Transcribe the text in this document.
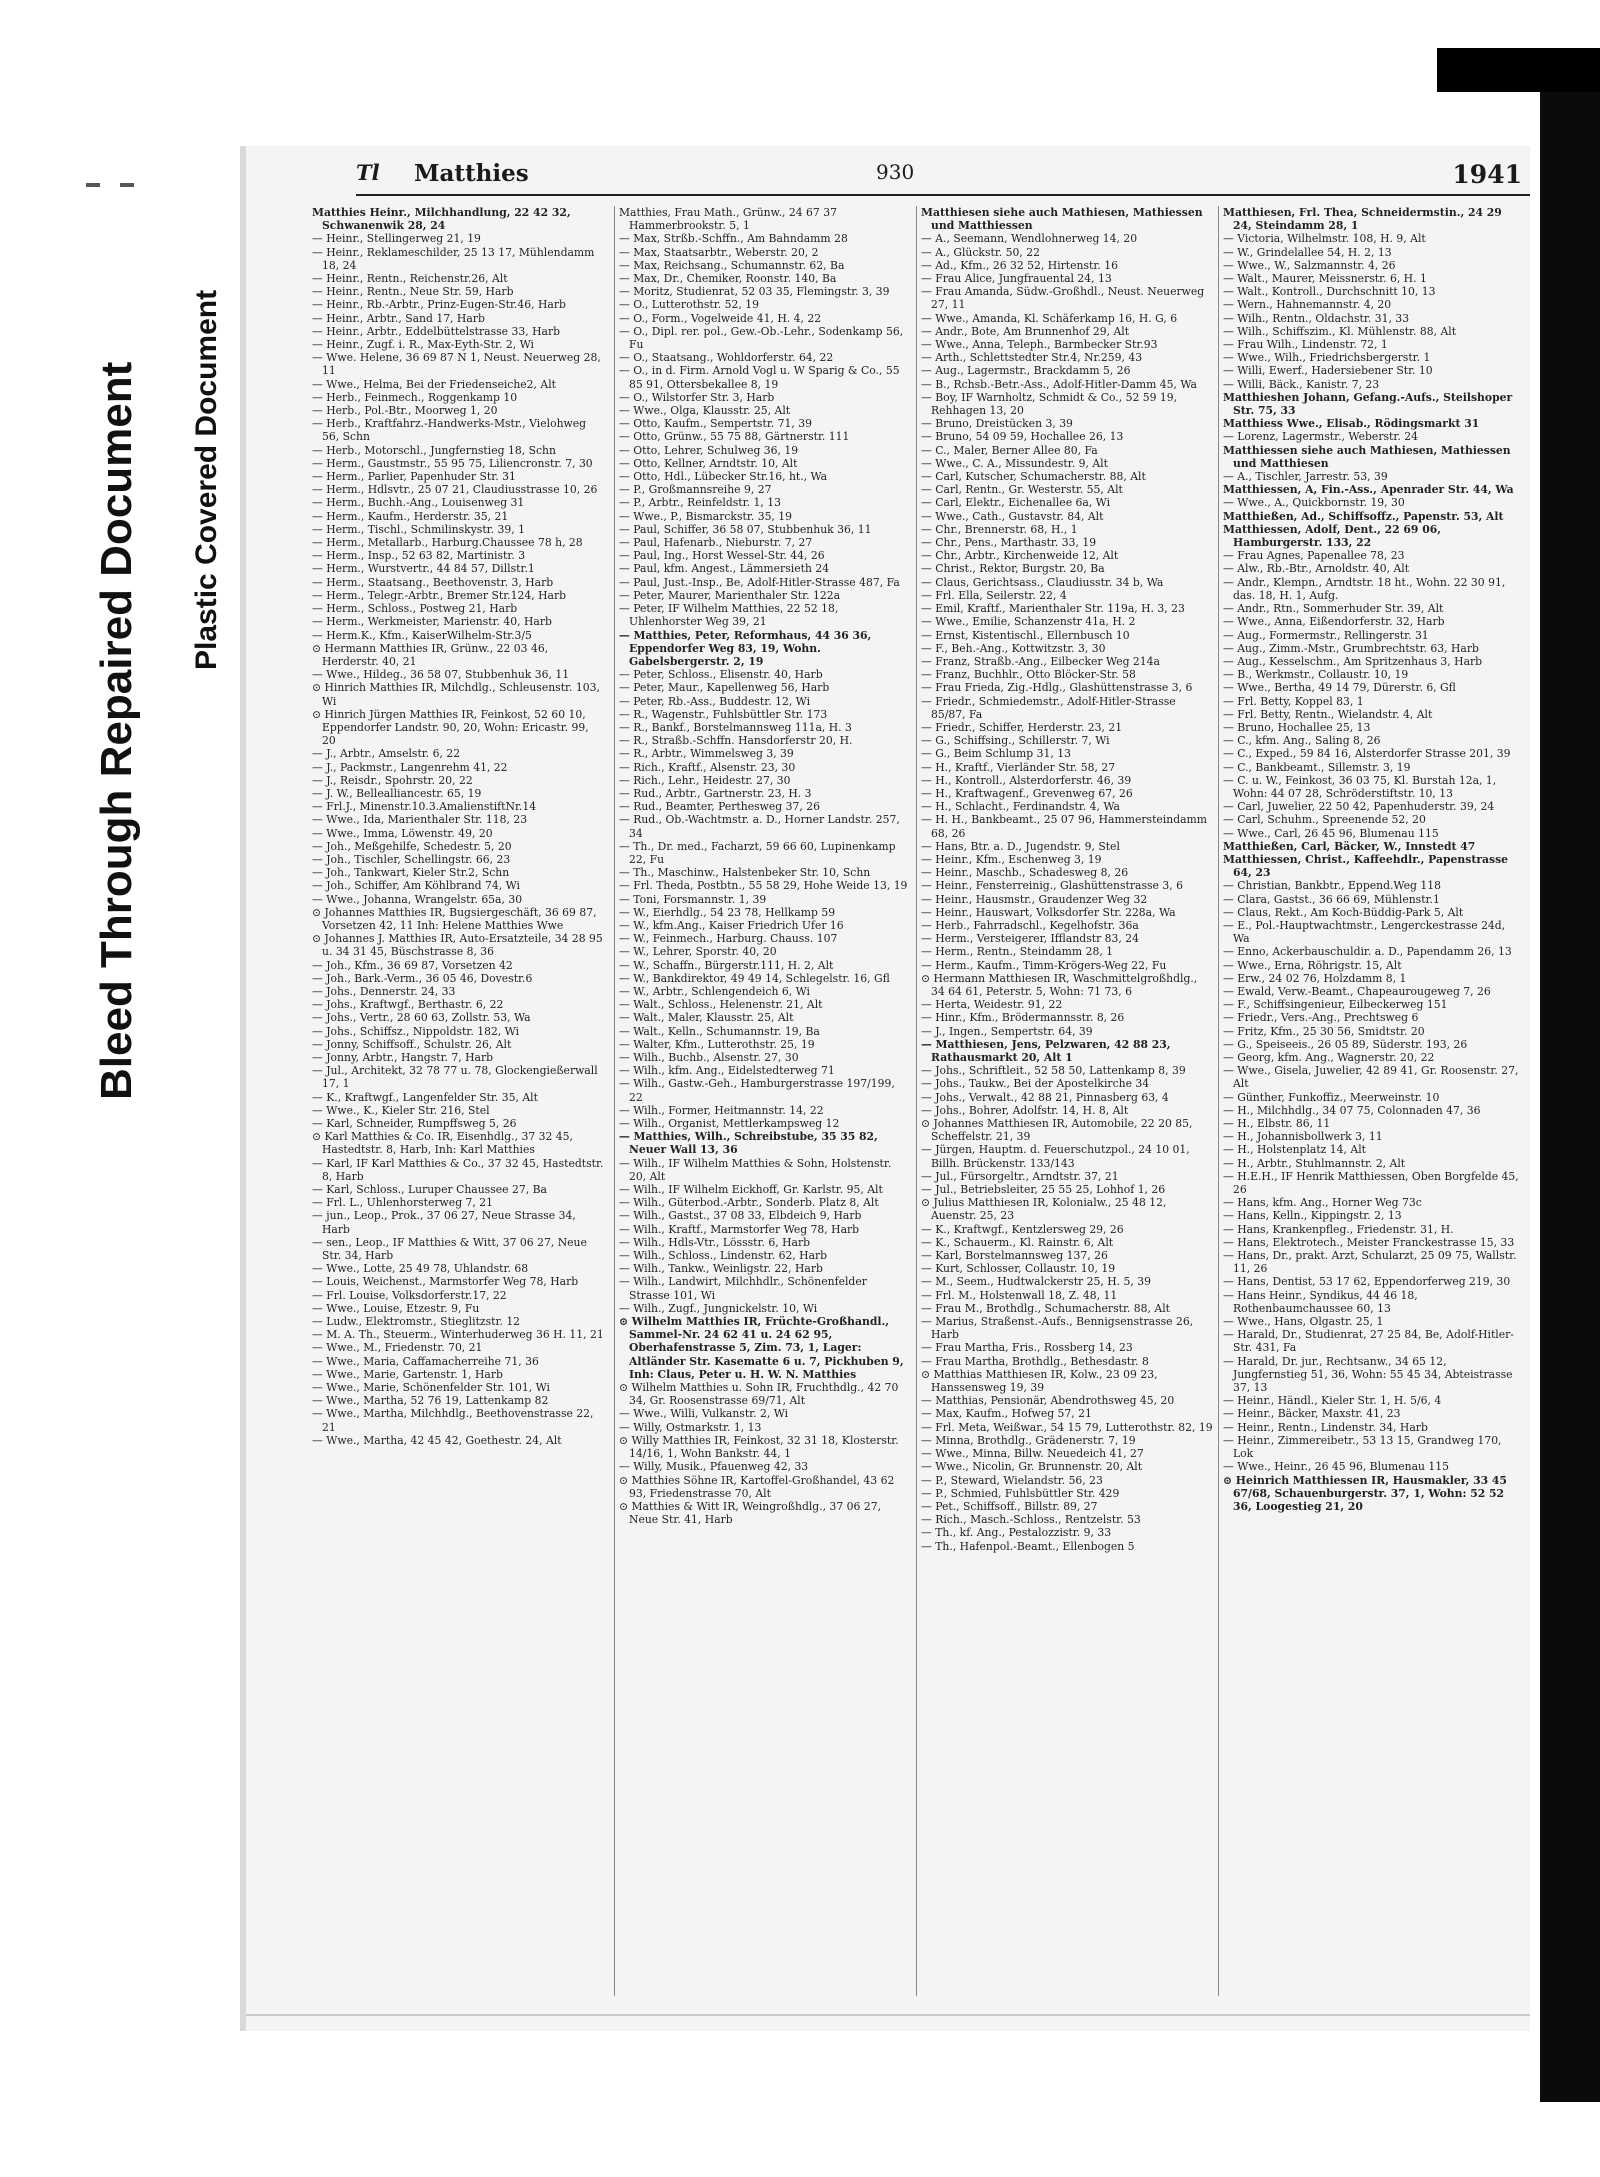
Bleed Through Repaired Document Plastic Covered Document
Tl Matthies	930	1941
Matthies Heinr., Milchhandlung, 22 42 32, Schwanenwik 28, 24
— Heinr., Stellingerweg 21, 19
— Heinr., Reklameschilder, 25 13 17, Mühlendamm 18, 24
— Heinr., Rentn., Reichenstr.26, Alt
— Heinr., Rentn., Neue Str. 59, Harb
— Heinr., Rb.-Arbtr., Prinz-Eugen-Str.46, Harb
— Heinr., Arbtr., Sand 17, Harb
— Heinr., Arbtr., Eddelbüttelstrasse 33, Harb
— Heinr., Zugf. i. R., Max-Eyth-Str. 2, Wi
— Wwe. Helene, 36 69 87 N 1, Neust. Neuerweg 28, 11
— Wwe., Helma, Bei der Friedenseiche2, Alt
— Herb., Feinmech., Roggenkamp 10
— Herb., Pol.-Btr., Moorweg 1, 20
— Herb., Kraftfahrz.-Handwerks-Mstr., Vielohweg 56, Schn
— Herb., Motorschl., Jungfernstieg 18, Schn
— Herm., Gaustmstr., 55 95 75, Liliencronstr. 7, 30
— Herm., Parlier, Papenhuder Str. 31
— Herm., Hdlsvtr., 25 07 21, Claudiusstrasse 10, 26
— Herm., Buchh.-Ang., Louisenweg 31
— Herm., Kaufm., Herderstr. 35, 21
— Herm., Tischl., Schmilinskystr. 39, 1
— Herm., Metallarb., Harburg.Chaussee 78 h, 28
— Herm., Insp., 52 63 82, Martinistr. 3
— Herm., Wurstvertr., 44 84 57, Dillstr.1
— Herm., Staatsang., Beethovenstr. 3, Harb
— Herm., Telegr.-Arbtr., Bremer Str.124, Harb
— Herm., Schloss., Postweg 21, Harb
— Herm., Werkmeister, Marienstr. 40, Harb
— Herm.K., Kfm., KaiserWilhelm-Str.3/5
⊙ Hermann Matthies IR, Grünw., 22 03 46, Herderstr. 40, 21
— Wwe., Hildeg., 36 58 07, Stubbenhuk 36, 11
⊙ Hinrich Matthies IR, Milchdlg., Schleusenstr. 103, Wi
⊙ Hinrich Jürgen Matthies IR, Feinkost, 52 60 10, Eppendorfer Landstr. 90, 20, Wohn: Ericastr. 99, 20
— J., Arbtr., Amselstr. 6, 22
— J., Packmstr., Langenrehm 41, 22
— J., Reisdr., Spohrstr. 20, 22
— J. W., Bellealliancestr. 65, 19
— Frl.J., Minenstr.10.3.AmalienstiftNr.14
— Wwe., Ida, Marienthaler Str. 118, 23
— Wwe., Imma, Löwenstr. 49, 20
— Joh., Meßgehilfe, Schedestr. 5, 20
— Joh., Tischler, Schellingstr. 66, 23
— Joh., Tankwart, Kieler Str.2, Schn
— Joh., Schiffer, Am Köhlbrand 74, Wi
— Wwe., Johanna, Wrangelstr. 65a, 30
⊙ Johannes Matthies IR, Bugsiergeschäft, 36 69 87, Vorsetzen 42, 11 Inh: Helene Matthies Wwe
⊙ Johannes J. Matthies IR, Auto-Ersatzteile, 34 28 95 u. 34 31 45, Büschstrasse 8, 36
— Joh., Kfm., 36 69 87, Vorsetzen 42
— Joh., Bark.-Verm., 36 05 46, Dovestr.6
— Johs., Dennerstr. 24, 33
— Johs., Kraftwgf., Berthastr. 6, 22
— Johs., Vertr., 28 60 63, Zollstr. 53, Wa
— Johs., Schiffsz., Nippoldstr. 182, Wi
— Jonny, Schiffsoff., Schulstr. 26, Alt
— Jonny, Arbtr., Hangstr. 7, Harb
— Jul., Architekt, 32 78 77 u. 78, Glockengießerwall 17, 1
— K., Kraftwgf., Langenfelder Str. 35, Alt
— Wwe., K., Kieler Str. 216, Stel
— Karl, Schneider, Rumpffsweg 5, 26
⊙ Karl Matthies & Co. IR, Eisenhdlg., 37 32 45, Hastedtstr. 8, Harb, Inh: Karl Matthies
— Karl, IF Karl Matthies & Co., 37 32 45, Hastedtstr. 8, Harb
— Karl, Schloss., Luruper Chaussee 27, Ba
— Frl. L., Uhlenhorsterweg 7, 21
— jun., Leop., Prok., 37 06 27, Neue Strasse 34, Harb
— sen., Leop., IF Matthies & Witt, 37 06 27, Neue Str. 34, Harb
— Wwe., Lotte, 25 49 78, Uhlandstr. 68
— Louis, Weichenst., Marmstorfer Weg 78, Harb
— Frl. Louise, Volksdorferstr.17, 22
— Wwe., Louise, Etzestr. 9, Fu
— Ludw., Elektromstr., Stieglitzstr. 12
— M. A. Th., Steuerm., Winterhuderweg 36 H. 11, 21
— Wwe., M., Friedenstr. 70, 21
— Wwe., Maria, Caffamacherreihe 71, 36
— Wwe., Marie, Gartenstr. 1, Harb
— Wwe., Marie, Schönenfelder Str. 101, Wi
— Wwe., Martha, 52 76 19, Lattenkamp 82
— Wwe., Martha, Milchhdlg., Beethovenstrasse 22, 21
— Wwe., Martha, 42 45 42, Goethestr. 24, Alt
Matthies, Frau Math., Grünw., 24 67 37 Hammerbrookstr. 5, 1
— Max, Strßb.-Schffn., Am Bahndamm 28
— Max, Staatsarbtr., Weberstr. 20, 2
— Max, Reichsang., Schumannstr. 62, Ba
— Max, Dr., Chemiker, Roonstr. 140, Ba
— Moritz, Studienrat, 52 03 35, Flemingstr. 3, 39
— O., Lutterothstr. 52, 19
— O., Form., Vogelweide 41, H. 4, 22
— O., Dipl. rer. pol., Gew.-Ob.-Lehr., Sodenkamp 56, Fu
— O., Staatsang., Wohldorferstr. 64, 22
— O., in d. Firm. Arnold Vogl u. W Sparig & Co., 55 85 91, Ottersbekallee 8, 19
— O., Wilstorfer Str. 3, Harb
— Wwe., Olga, Klausstr. 25, Alt
— Otto, Kaufm., Sempertstr. 71, 39
— Otto, Grünw., 55 75 88, Gärtnerstr. 111
— Otto, Lehrer, Schulweg 36, 19
— Otto, Kellner, Arndtstr. 10, Alt
— Otto, Hdl., Lübecker Str.16, ht., Wa
— P., Großmannsreihe 9, 27
— P., Arbtr., Reinfeldstr. 1, 13
— Wwe., P., Bismarckstr. 35, 19
— Paul, Schiffer, 36 58 07, Stubbenhuk 36, 11
— Paul, Hafenarb., Nieburstr. 7, 27
— Paul, Ing., Horst Wessel-Str. 44, 26
— Paul, kfm. Angest., Lämmersieth 24
— Paul, Just.-Insp., Be, Adolf-Hitler-Strasse 487, Fa
— Peter, Maurer, Marienthaler Str. 122a
— Peter, IF Wilhelm Matthies, 22 52 18, Uhlenhorster Weg 39, 21
— Matthies, Peter, Reformhaus, 44 36 36, Eppendorfer Weg 83, 19, Wohn. Gabelsbergerstr. 2, 19
— Peter, Schloss., Elisenstr. 40, Harb
— Peter, Maur., Kapellenweg 56, Harb
— Peter, Rb.-Ass., Buddestr. 12, Wi
— R., Wagenstr., Fuhlsbüttler Str. 173
— R., Bankf., Borstelmannsweg 111a, H. 3
— R., Straßb.-Schffn. Hansdorferstr 20, H.
— R., Arbtr., Wimmelsweg 3, 39
— Rich., Kraftf., Alsenstr. 23, 30
— Rich., Lehr., Heidestr. 27, 30
— Rud., Arbtr., Gartnerstr. 23, H. 3
— Rud., Beamter, Perthesweg 37, 26
— Rud., Ob.-Wachtmstr. a. D., Horner Landstr. 257, 34
— Th., Dr. med., Facharzt, 59 66 60, Lupinenkamp 22, Fu
— Th., Maschinw., Halstenbeker Str. 10, Schn
— Frl. Theda, Postbtn., 55 58 29, Hohe Weide 13, 19
— Toni, Forsmannstr. 1, 39
— W., Eierhdlg., 54 23 78, Hellkamp 59
— W., kfm.Ang., Kaiser Friedrich Ufer 16
— W., Feinmech., Harburg. Chauss. 107
— W., Lehrer, Sporstr. 40, 20
— W., Schaffn., Bürgerstr.111, H. 2, Alt
— W., Bankdirektor, 49 49 14, Schlegelstr. 16, Gfl
— W., Arbtr., Schlengendeich 6, Wi
— Walt., Schloss., Helenenstr. 21, Alt
— Walt., Maler, Klausstr. 25, Alt
— Walt., Kelln., Schumannstr. 19, Ba
— Walter, Kfm., Lutterothstr. 25, 19
— Wilh., Buchb., Alsenstr. 27, 30
— Wilh., kfm. Ang., Eidelstedterweg 71
— Wilh., Gastw.-Geh., Hamburgerstrasse 197/199, 22
— Wilh., Former, Heitmannstr. 14, 22
— Wilh., Organist, Mettlerkampsweg 12
— Matthies, Wilh., Schreibstube, 35 35 82, Neuer Wall 13, 36
— Wilh., IF Wilhelm Matthies & Sohn, Holstenstr. 20, Alt
— Wilh., IF Wilhelm Eickhoff, Gr. Karlstr. 95, Alt
— Wilh., Güterbod.-Arbtr., Sonderb. Platz 8, Alt
— Wilh., Gastst., 37 08 33, Elbdeich 9, Harb
— Wilh., Kraftf., Marmstorfer Weg 78, Harb
— Wilh., Hdls-Vtr., Lössstr. 6, Harb
— Wilh., Schloss., Lindenstr. 62, Harb
— Wilh., Tankw., Weinligstr. 22, Harb
— Wilh., Landwirt, Milchhdlr., Schönenfelder Strasse 101, Wi
— Wilh., Zugf., Jungnickelstr. 10, Wi
⊙ Wilhelm Matthies IR, Früchte-Großhandl., Sammel-Nr. 24 62 41 u. 24 62 95, Oberhafenstrasse 5, Zim. 73, 1, Lager: Altländer Str. Kasematte 6 u. 7, Pickhuben 9, Inh: Claus, Peter u. H. W. N. Matthies
⊙ Wilhelm Matthies u. Sohn IR, Fruchthdlg., 42 70 34, Gr. Roosenstrasse 69/71, Alt
— Wwe., Willi, Vulkanstr. 2, Wi
— Willy, Ostmarkstr. 1, 13
⊙ Willy Matthies IR, Feinkost, 32 31 18, Klosterstr. 14/16, 1, Wohn Bankstr. 44, 1
— Willy, Musik., Pfauenweg 42, 33
⊙ Matthies Söhne IR, Kartoffel-Großhandel, 43 62 93, Friedenstrasse 70, Alt
⊙ Matthies & Witt IR, Weingroßhdlg., 37 06 27, Neue Str. 41, Harb
Matthiesen siehe auch Mathiesen, Mathiessen und Matthiessen
— A., Seemann, Wendlohnerweg 14, 20
— A., Glückstr. 50, 22
— Ad., Kfm., 26 32 52, Hirtenstr. 16
— Frau Alice, Jungfrauental 24, 13
— Frau Amanda, Südw.-Großhdl., Neust. Neuerweg 27, 11
— Wwe., Amanda, Kl. Schäferkamp 16, H. G, 6
— Andr., Bote, Am Brunnenhof 29, Alt
— Wwe., Anna, Teleph., Barmbecker Str.93
— Arth., Schlettstedter Str.4, Nr.259, 43
— Aug., Lagermstr., Brackdamm 5, 26
— B., Rchsb.-Betr.-Ass., Adolf-Hitler-Damm 45, Wa
— Boy, IF Warnholtz, Schmidt & Co., 52 59 19, Rehhagen 13, 20
— Bruno, Dreistücken 3, 39
— Bruno, 54 09 59, Hochallee 26, 13
— C., Maler, Berner Allee 80, Fa
— Wwe., C. A., Missundestr. 9, Alt
— Carl, Kutscher, Schumacherstr. 88, Alt
— Carl, Rentn., Gr. Westerstr. 55, Alt
— Carl, Elektr., Eichenallee 6a, Wi
— Wwe., Cath., Gustavstr. 84, Alt
— Chr., Brennerstr. 68, H., 1
— Chr., Pens., Marthastr. 33, 19
— Chr., Arbtr., Kirchenweide 12, Alt
— Christ., Rektor, Burgstr. 20, Ba
— Claus, Gerichtsass., Claudiusstr. 34 b, Wa
— Frl. Ella, Seilerstr. 22, 4
— Emil, Kraftf., Marienthaler Str. 119a, H. 3, 23
— Wwe., Emilie, Schanzenstr 41a, H. 2
— Ernst, Kistentischl., Ellernbusch 10
— F., Beh.-Ang., Kottwitzstr. 3, 30
— Franz, Straßb.-Ang., Eilbecker Weg 214a
— Franz, Buchhlr., Otto Blöcker-Str. 58
— Frau Frieda, Zig.-Hdlg., Glashüttenstrasse 3, 6
— Friedr., Schmiedemstr., Adolf-Hitler-Strasse 85/87, Fa
— Friedr., Schiffer, Herderstr. 23, 21
— G., Schiffsing., Schillerstr. 7, Wi
— G., Beim Schlump 31, 13
— H., Kraftf., Vierländer Str. 58, 27
— H., Kontroll., Alsterdorferstr. 46, 39
— H., Kraftwagenf., Grevenweg 67, 26
— H., Schlacht., Ferdinandstr. 4, Wa
— H. H., Bankbeamt., 25 07 96, Hammersteindamm 68, 26
— Hans, Btr. a. D., Jugendstr. 9, Stel
— Heinr., Kfm., Eschenweg 3, 19
— Heinr., Maschb., Schadesweg 8, 26
— Heinr., Fensterreinig., Glashüttenstrasse 3, 6
— Heinr., Hausmstr., Graudenzer Weg 32
— Heinr., Hauswart, Volksdorfer Str. 228a, Wa
— Herb., Fahrradschl., Kegelhofstr. 36a
— Herm., Versteigerer, Ifflandstr 83, 24
— Herm., Rentn., Steindamm 28, 1
— Herm., Kaufm., Timm-Krögers-Weg 22, Fu
⊙ Hermann Matthiesen IR, Waschmittelgroßhdlg., 34 64 61, Peterstr. 5, Wohn: 71 73, 6
— Herta, Weidestr. 91, 22
— Hinr., Kfm., Brödermannsstr. 8, 26
— J., Ingen., Sempertstr. 64, 39
— Matthiesen, Jens, Pelzwaren, 42 88 23, Rathausmarkt 20, Alt 1
— Johs., Schriftleit., 52 58 50, Lattenkamp 8, 39
— Johs., Taukw., Bei der Apostelkirche 34
— Johs., Verwalt., 42 88 21, Pinnasberg 63, 4
— Johs., Bohrer, Adolfstr. 14, H. 8, Alt
⊙ Johannes Matthiesen IR, Automobile, 22 20 85, Scheffelstr. 21, 39
— Jürgen, Hauptm. d. Feuerschutzpol., 24 10 01, Billh. Brückenstr. 133/143
— Jul., Fürsorgeltr., Arndtstr. 37, 21
— Jul., Betriebsleiter, 25 55 25, Lohhof 1, 26
⊙ Julius Matthiesen IR, Kolonialw., 25 48 12, Auenstr. 25, 23
— K., Kraftwgf., Kentzlersweg 29, 26
— K., Schauerm., Kl. Rainstr. 6, Alt
— Karl, Borstelmannsweg 137, 26
— Kurt, Schlosser, Collaustr. 10, 19
— M., Seem., Hudtwalckerstr 25, H. 5, 39
— Frl. M., Holstenwall 18, Z. 48, 11
— Frau M., Brothdlg., Schumacherstr. 88, Alt
— Marius, Straßenst.-Aufs., Bennigsenstrasse 26, Harb
— Frau Martha, Fris., Rossberg 14, 23
— Frau Martha, Brothdlg., Bethesdastr. 8
⊙ Matthias Matthiesen IR, Kolw., 23 09 23, Hanssensweg 19, 39
— Matthias, Pensionär, Abendrothsweg 45, 20
— Max, Kaufm., Hofweg 57, 21
— Frl. Meta, Weißwar., 54 15 79, Lutterothstr. 82, 19
— Minna, Brothdlg., Grädenerstr. 7, 19
— Wwe., Minna, Billw. Neuedeich 41, 27
— Wwe., Nicolin, Gr. Brunnenstr. 20, Alt
— P., Steward, Wielandstr. 56, 23
— P., Schmied, Fuhlsbüttler Str. 429
— Pet., Schiffsoff., Billstr. 89, 27
— Rich., Masch.-Schloss., Rentzelstr. 53
— Th., kf. Ang., Pestalozzistr. 9, 33
— Th., Hafenpol.-Beamt., Ellenbogen 5
Matthiesen, Frl. Thea, Schneidermstin., 24 29 24, Steindamm 28, 1
— Victoria, Wilhelmstr. 108, H. 9, Alt
— W., Grindelallee 54, H. 2, 13
— Wwe., W., Salzmannstr. 4, 26
— Walt., Maurer, Meissnerstr. 6, H. 1
— Walt., Kontroll., Durchschnitt 10, 13
— Wern., Hahnemannstr. 4, 20
— Wilh., Rentn., Oldachstr. 31, 33
— Wilh., Schiffszim., Kl. Mühlenstr. 88, Alt
— Frau Wilh., Lindenstr. 72, 1
— Wwe., Wilh., Friedrichsbergerstr. 1
— Willi, Ewerf., Hadersiebener Str. 10
— Willi, Bäck., Kanistr. 7, 23
Matthieshen Johann, Gefang.-Aufs., Steilshoper Str. 75, 33
Matthiess Wwe., Elisab., Rödingsmarkt 31
— Lorenz, Lagermstr., Weberstr. 24
Matthiessen siehe auch Mathiesen, Mathiessen und Matthiesen
— A., Tischler, Jarrestr. 53, 39
Matthiessen, A, Fin.-Ass., Apenrader Str. 44, Wa
— Wwe., A., Quickbornstr. 19, 30
Matthießen, Ad., Schiffsoffz., Papenstr. 53, Alt
Matthiessen, Adolf, Dent., 22 69 06, Hamburgerstr. 133, 22
— Frau Agnes, Papenallee 78, 23
— Alw., Rb.-Btr., Arnoldstr. 40, Alt
— Andr., Klempn., Arndtstr. 18 ht., Wohn. 22 30 91, das. 18, H. 1, Aufg.
— Andr., Rtn., Sommerhuder Str. 39, Alt
— Wwe., Anna, Eißendorferstr. 32, Harb
— Aug., Formermstr., Rellingerstr. 31
— Aug., Zimm.-Mstr., Grumbrechtstr. 63, Harb
— Aug., Kesselschm., Am Spritzenhaus 3, Harb
— B., Werkmstr., Collaustr. 10, 19
— Wwe., Bertha, 49 14 79, Dürerstr. 6, Gfl
— Frl. Betty, Koppel 83, 1
— Frl. Betty, Rentn., Wielandstr. 4, Alt
— Bruno, Hochallee 25, 13
— C., kfm. Ang., Saling 8, 26
— C., Exped., 59 84 16, Alsterdorfer Strasse 201, 39
— C., Bankbeamt., Sillemstr. 3, 19
— C. u. W., Feinkost, 36 03 75, Kl. Burstah 12a, 1, Wohn: 44 07 28, Schröderstiftstr. 10, 13
— Carl, Juwelier, 22 50 42, Papenhuderstr. 39, 24
— Carl, Schuhm., Spreenende 52, 20
— Wwe., Carl, 26 45 96, Blumenau 115
Matthießen, Carl, Bäcker, W., Innstedt 47
Matthiessen, Christ., Kaffeehdlr., Papenstrasse 64, 23
— Christian, Bankbtr., Eppend.Weg 118
— Clara, Gastst., 36 66 69, Mühlenstr.1
— Claus, Rekt., Am Koch-Büddig-Park 5, Alt
— E., Pol.-Hauptwachtmstr., Lengerckestrasse 24d, Wa
— Enno, Ackerbauschuldir. a. D., Papendamm 26, 13
— Wwe., Erna, Röhrigstr. 15, Alt
— Erw., 24 02 76, Holzdamm 8, 1
— Ewald, Verw.-Beamt., Chapeaurougeweg 7, 26
— F., Schiffsingenieur, Eilbeckerweg 151
— Friedr., Vers.-Ang., Prechtsweg 6
— Fritz, Kfm., 25 30 56, Smidtstr. 20
— G., Speiseeis., 26 05 89, Süderstr. 193, 26
— Georg, kfm. Ang., Wagnerstr. 20, 22
— Wwe., Gisela, Juwelier, 42 89 41, Gr. Roosenstr. 27, Alt
— Günther, Funkoffiz., Meerweinstr. 10
— H., Milchhdlg., 34 07 75, Colonnaden 47, 36
— H., Elbstr. 86, 11
— H., Johannisbollwerk 3, 11
— H., Holstenplatz 14, Alt
— H., Arbtr., Stuhlmannstr. 2, Alt
— H.E.H., IF Henrik Matthiessen, Oben Borgfelde 45, 26
— Hans, kfm. Ang., Horner Weg 73c
— Hans, Kelln., Kippingstr. 2, 13
— Hans, Krankenpfleg., Friedenstr. 31, H.
— Hans, Elektrotech., Meister Franckestrasse 15, 33
— Hans, Dr., prakt. Arzt, Schularzt, 25 09 75, Wallstr. 11, 26
— Hans, Dentist, 53 17 62, Eppendorferweg 219, 30
— Hans Heinr., Syndikus, 44 46 18, Rothenbaumchaussee 60, 13
— Wwe., Hans, Olgastr. 25, 1
— Harald, Dr., Studienrat, 27 25 84, Be, Adolf-Hitler-Str. 431, Fa
— Harald, Dr. jur., Rechtsanw., 34 65 12, Jungfernstieg 51, 36, Wohn: 55 45 34, Abteistrasse 37, 13
— Heinr., Händl., Kieler Str. 1, H. 5/6, 4
— Heinr., Bäcker, Maxstr. 41, 23
— Heinr., Rentn., Lindenstr. 34, Harb
— Heinr., Zimmereibetr., 53 13 15, Grandweg 170, Lok
— Wwe., Heinr., 26 45 96, Blumenau 115
⊙ Heinrich Matthiessen IR, Hausmakler, 33 45 67/68, Schauenburgerstr. 37, 1, Wohn: 52 52 36, Loogestieg 21, 20
